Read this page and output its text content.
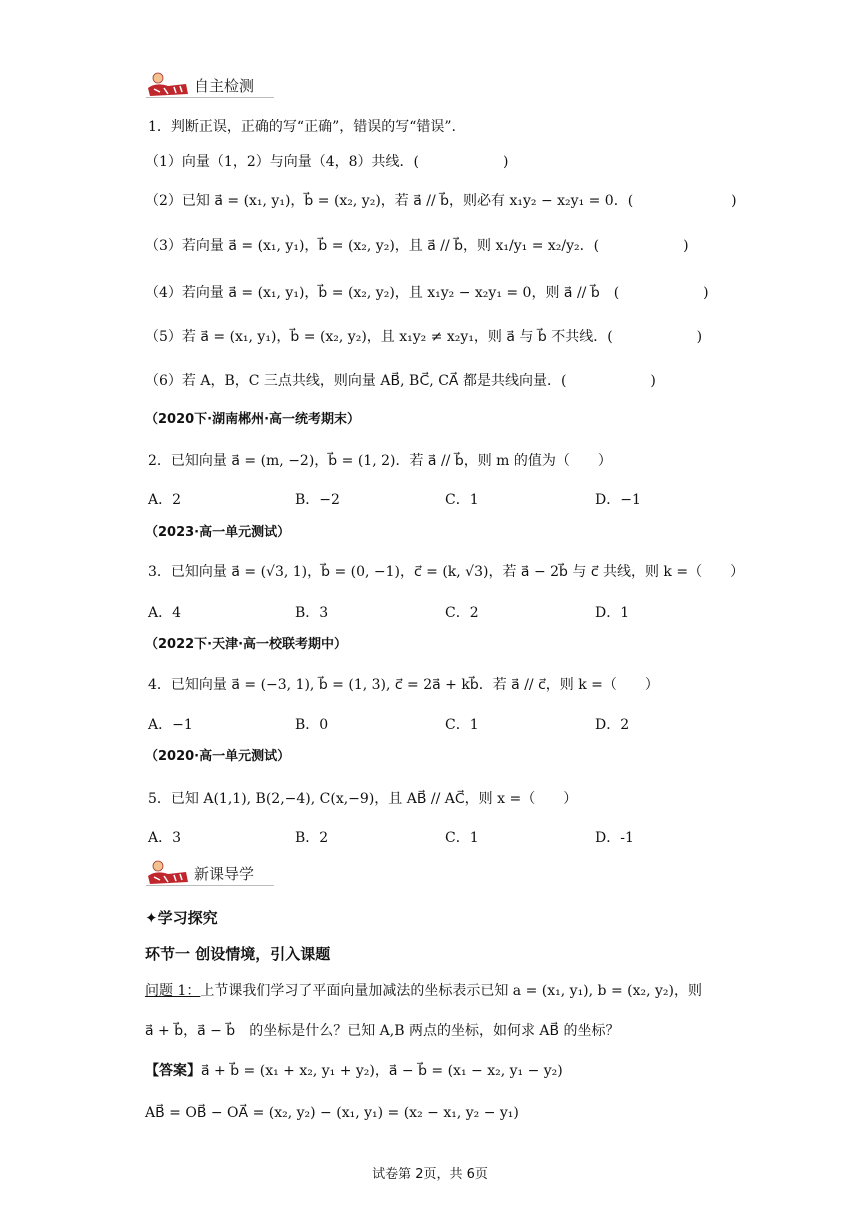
自主检测
1．判断正误，正确的写“正确”，错误的写“错误”.
（1）向量（1，2）与向量（4，8）共线．(　　　　　　)
（2）已知 a⃗ = (x₁, y₁)，b⃗ = (x₂, y₂)，若 a⃗ // b⃗，则必有 x₁y₂ − x₂y₁ = 0．(　　　　　　　)
（3）若向量 a⃗ = (x₁, y₁)，b⃗ = (x₂, y₂)，且 a⃗ // b⃗，则 x₁/y₁ = x₂/y₂．(　　　　　　)
（4）若向量 a⃗ = (x₁, y₁)，b⃗ = (x₂, y₂)，且 x₁y₂ − x₂y₁ = 0，则 a⃗ // b⃗　(　　　　　　)
（5）若 a⃗ = (x₁, y₁)，b⃗ = (x₂, y₂)，且 x₁y₂ ≠ x₂y₁，则 a⃗ 与 b⃗ 不共线．(　　　　　　)
（6）若 A，B，C 三点共线，则向量 AB⃗, BC⃗, CA⃗ 都是共线向量．(　　　　　　)
（2020下·湖南郴州·高一统考期末）
2．已知向量 a⃗ = (m, −2)，b⃗ = (1, 2)．若 a⃗ // b⃗，则 m 的值为（　　）
A．2	B．−2	C．1	D．−1
（2023·高一单元测试）
3．已知向量 a⃗ = (√3, 1)，b⃗ = (0, −1)，c⃗ = (k, √3)，若 a⃗ − 2b⃗ 与 c⃗ 共线，则 k =（　　）
A．4	B．3	C．2	D．1
（2022下·天津·高一校联考期中）
4．已知向量 a⃗ = (−3, 1), b⃗ = (1, 3), c⃗ = 2a⃗ + kb⃗．若 a⃗ // c⃗，则 k =（　　）
A．−1	B．0	C．1	D．2
（2020·高一单元测试）
5．已知 A(1,1), B(2,−4), C(x,−9)，且 AB⃗ // AC⃗，则 x =（　　）
A．3	B．2	C．1	D．-1
新课导学
✦学习探究
环节一 创设情境，引入课题
问题 1：上节课我们学习了平面向量加减法的坐标表示已知 a = (x₁, y₁), b = (x₂, y₂)，则
a⃗ + b⃗，a⃗ − b⃗　的坐标是什么？已知 A,B 两点的坐标，如何求 AB⃗ 的坐标？
【答案】a⃗ + b⃗ = (x₁ + x₂, y₁ + y₂)，a⃗ − b⃗ = (x₁ − x₂, y₁ − y₂)
AB⃗ = OB⃗ − OA⃗ = (x₂, y₂) − (x₁, y₁) = (x₂ − x₁, y₂ − y₁)
试卷第 2页，共 6页
